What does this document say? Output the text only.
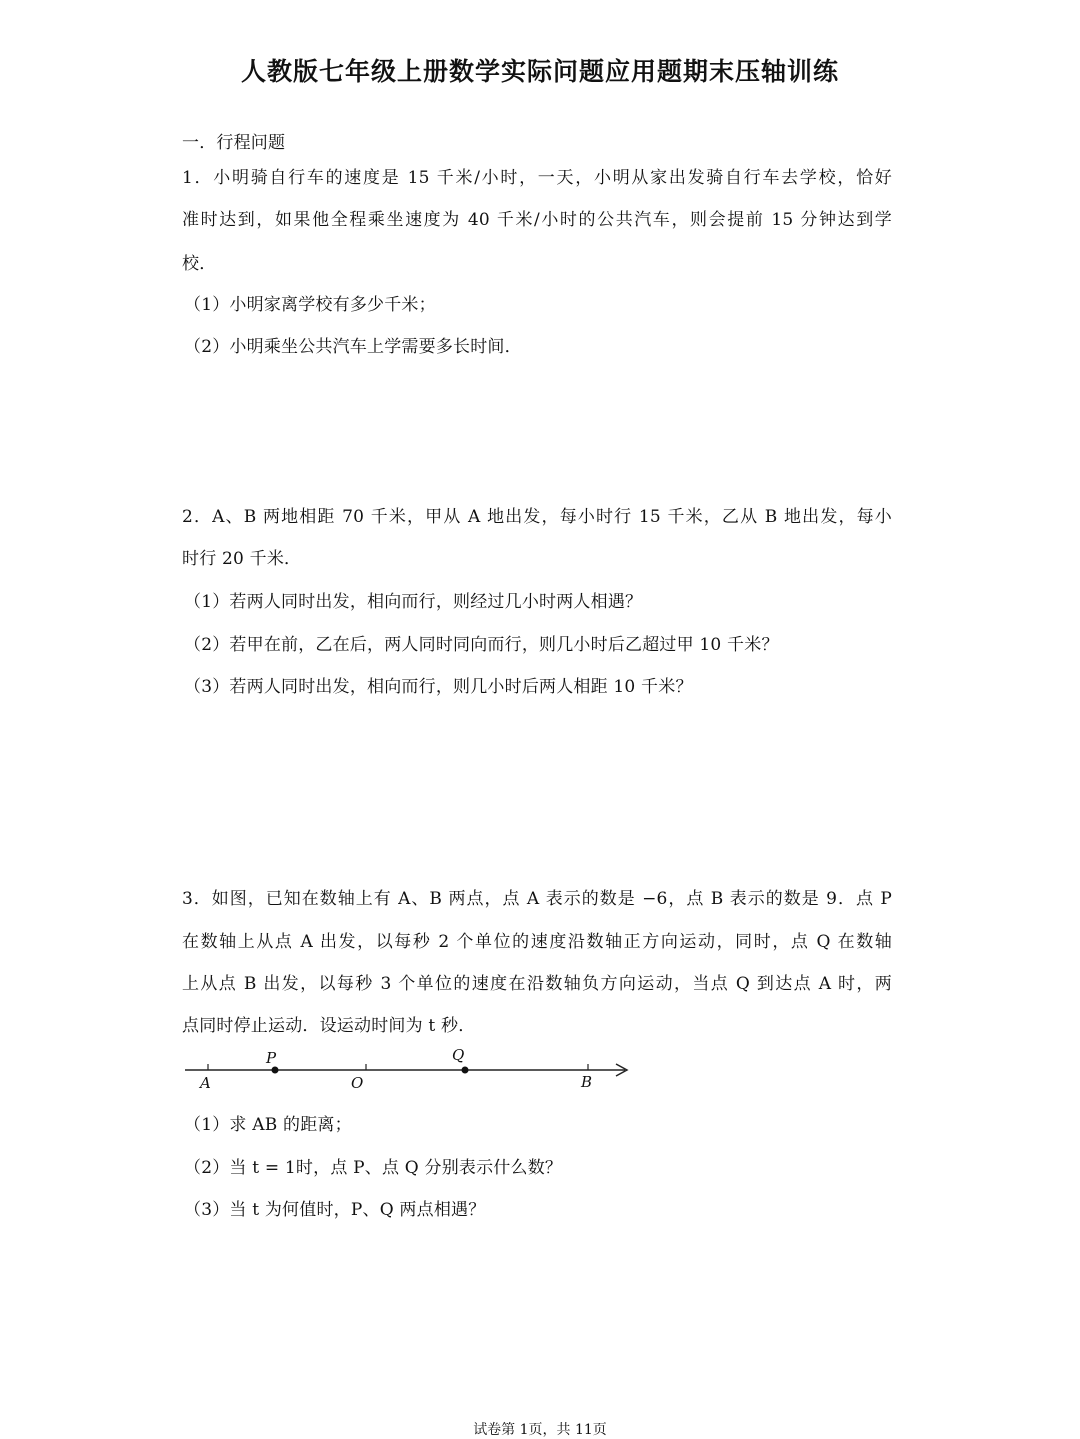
人教版七年级上册数学实际问题应用题期末压轴训练
一．行程问题
1．小明骑自行车的速度是 15 千米/小时，一天，小明从家出发骑自行车去学校，恰好
准时达到，如果他全程乘坐速度为 40 千米/小时的公共汽车，则会提前 15 分钟达到学
校．
（1）小明家离学校有多少千米；
（2）小明乘坐公共汽车上学需要多长时间．
2．A、B 两地相距 70 千米，甲从 A 地出发，每小时行 15 千米，乙从 B 地出发，每小
时行 20 千米．
（1）若两人同时出发，相向而行，则经过几小时两人相遇？
（2）若甲在前，乙在后，两人同时同向而行，则几小时后乙超过甲 10 千米？
（3）若两人同时出发，相向而行，则几小时后两人相距 10 千米？
3．如图，已知在数轴上有 A、B 两点，点 A 表示的数是 −6，点 B 表示的数是 9．点 P
在数轴上从点 A 出发，以每秒 2 个单位的速度沿数轴正方向运动，同时，点 Q 在数轴
上从点 B 出发，以每秒 3 个单位的速度在沿数轴负方向运动，当点 Q 到达点 A 时，两
点同时停止运动．设运动时间为 t 秒．
A
P
O
Q
B
（1）求 AB 的距离；
（2）当 t = 1时，点 P、点 Q 分别表示什么数？
（3）当 t 为何值时，P、Q 两点相遇？
试卷第 1页，共 11页
